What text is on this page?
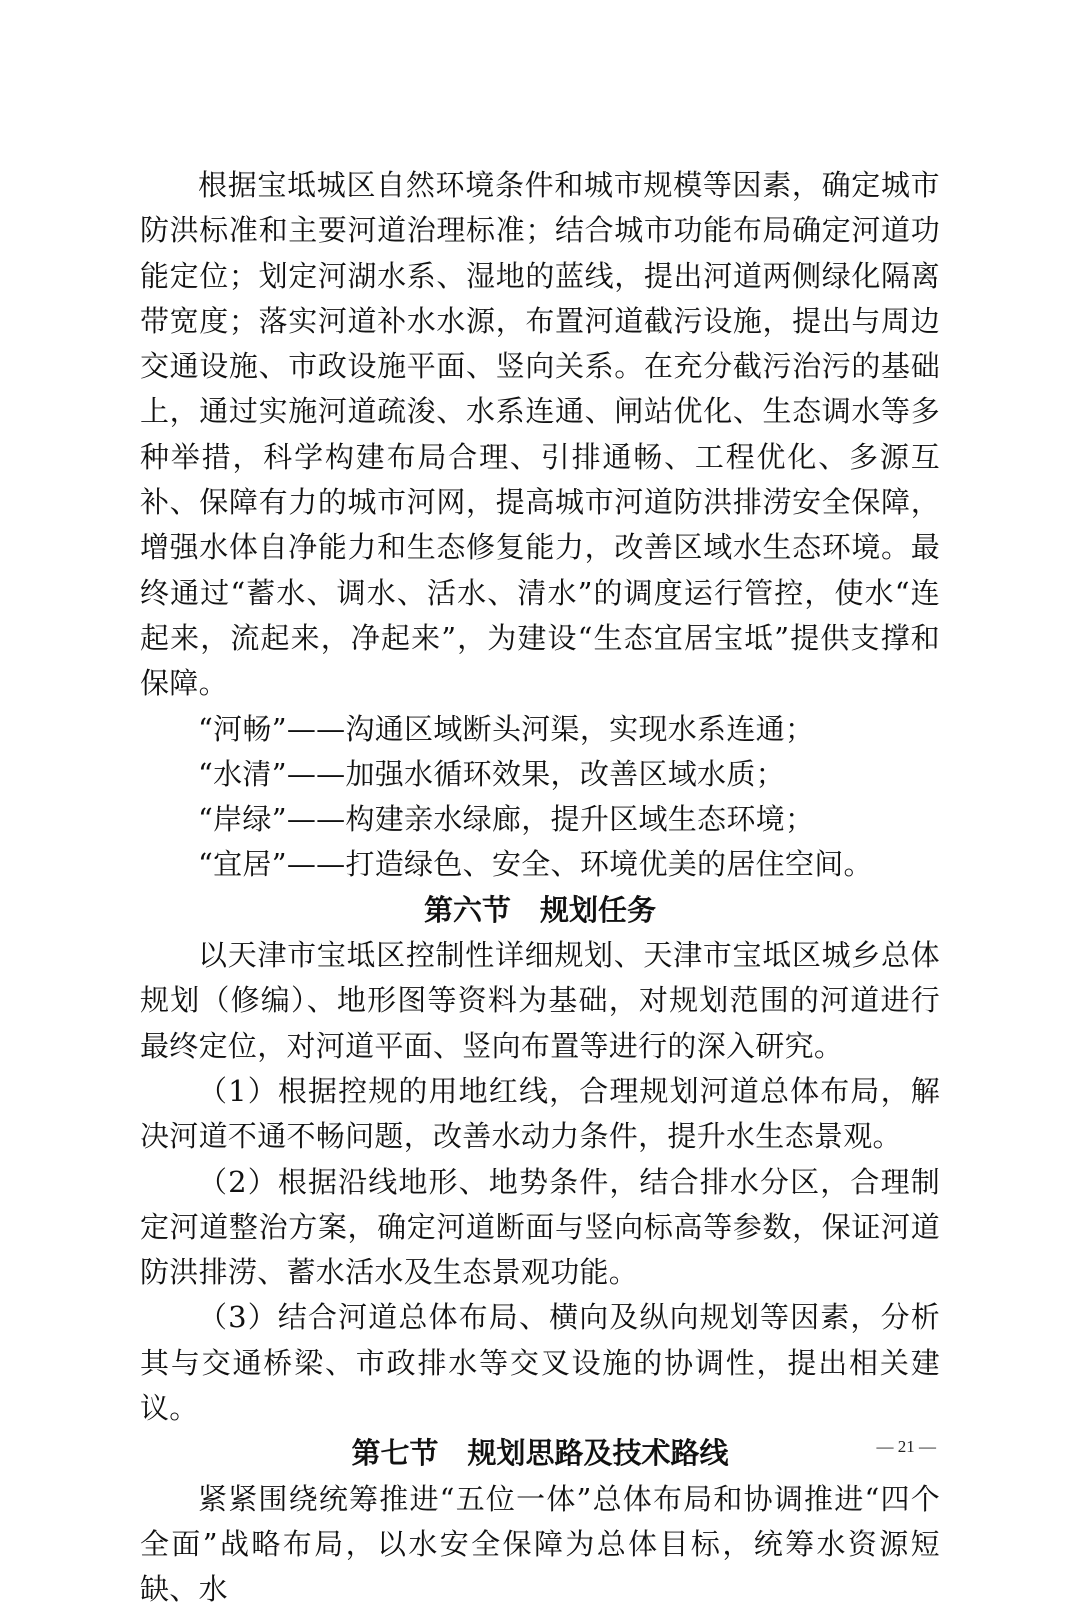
根据宝坻城区自然环境条件和城市规模等因素，确定城市防洪标准和主要河道治理标准；结合城市功能布局确定河道功能定位；划定河湖水系、湿地的蓝线，提出河道两侧绿化隔离带宽度；落实河道补水水源，布置河道截污设施，提出与周边交通设施、市政设施平面、竖向关系。在充分截污治污的基础上，通过实施河道疏浚、水系连通、闸站优化、生态调水等多种举措，科学构建布局合理、引排通畅、工程优化、多源互补、保障有力的城市河网，提高城市河道防洪排涝安全保障，增强水体自净能力和生态修复能力，改善区域水生态环境。最终通过“蓄水、调水、活水、清水”的调度运行管控，使水“连起来，流起来，净起来”，为建设“生态宜居宝坻”提供支撑和保障。

“河畅”——沟通区域断头河渠，实现水系连通；

“水清”——加强水循环效果，改善区域水质；

“岸绿”——构建亲水绿廊，提升区域生态环境；

“宜居”——打造绿色、安全、环境优美的居住空间。

第六节　规划任务

以天津市宝坻区控制性详细规划、天津市宝坻区城乡总体规划（修编）、地形图等资料为基础，对规划范围的河道进行最终定位，对河道平面、竖向布置等进行的深入研究。

（1）根据控规的用地红线，合理规划河道总体布局，解决河道不通不畅问题，改善水动力条件，提升水生态景观。

（2）根据沿线地形、地势条件，结合排水分区，合理制定河道整治方案，确定河道断面与竖向标高等参数，保证河道防洪排涝、蓄水活水及生态景观功能。

（3）结合河道总体布局、横向及纵向规划等因素，分析其与交通桥梁、市政排水等交叉设施的协调性，提出相关建议。

第七节　规划思路及技术路线

紧紧围绕统筹推进“五位一体”总体布局和协调推进“四个全面”战略布局，以水安全保障为总体目标，统筹水资源短缺、水

— 21 —
